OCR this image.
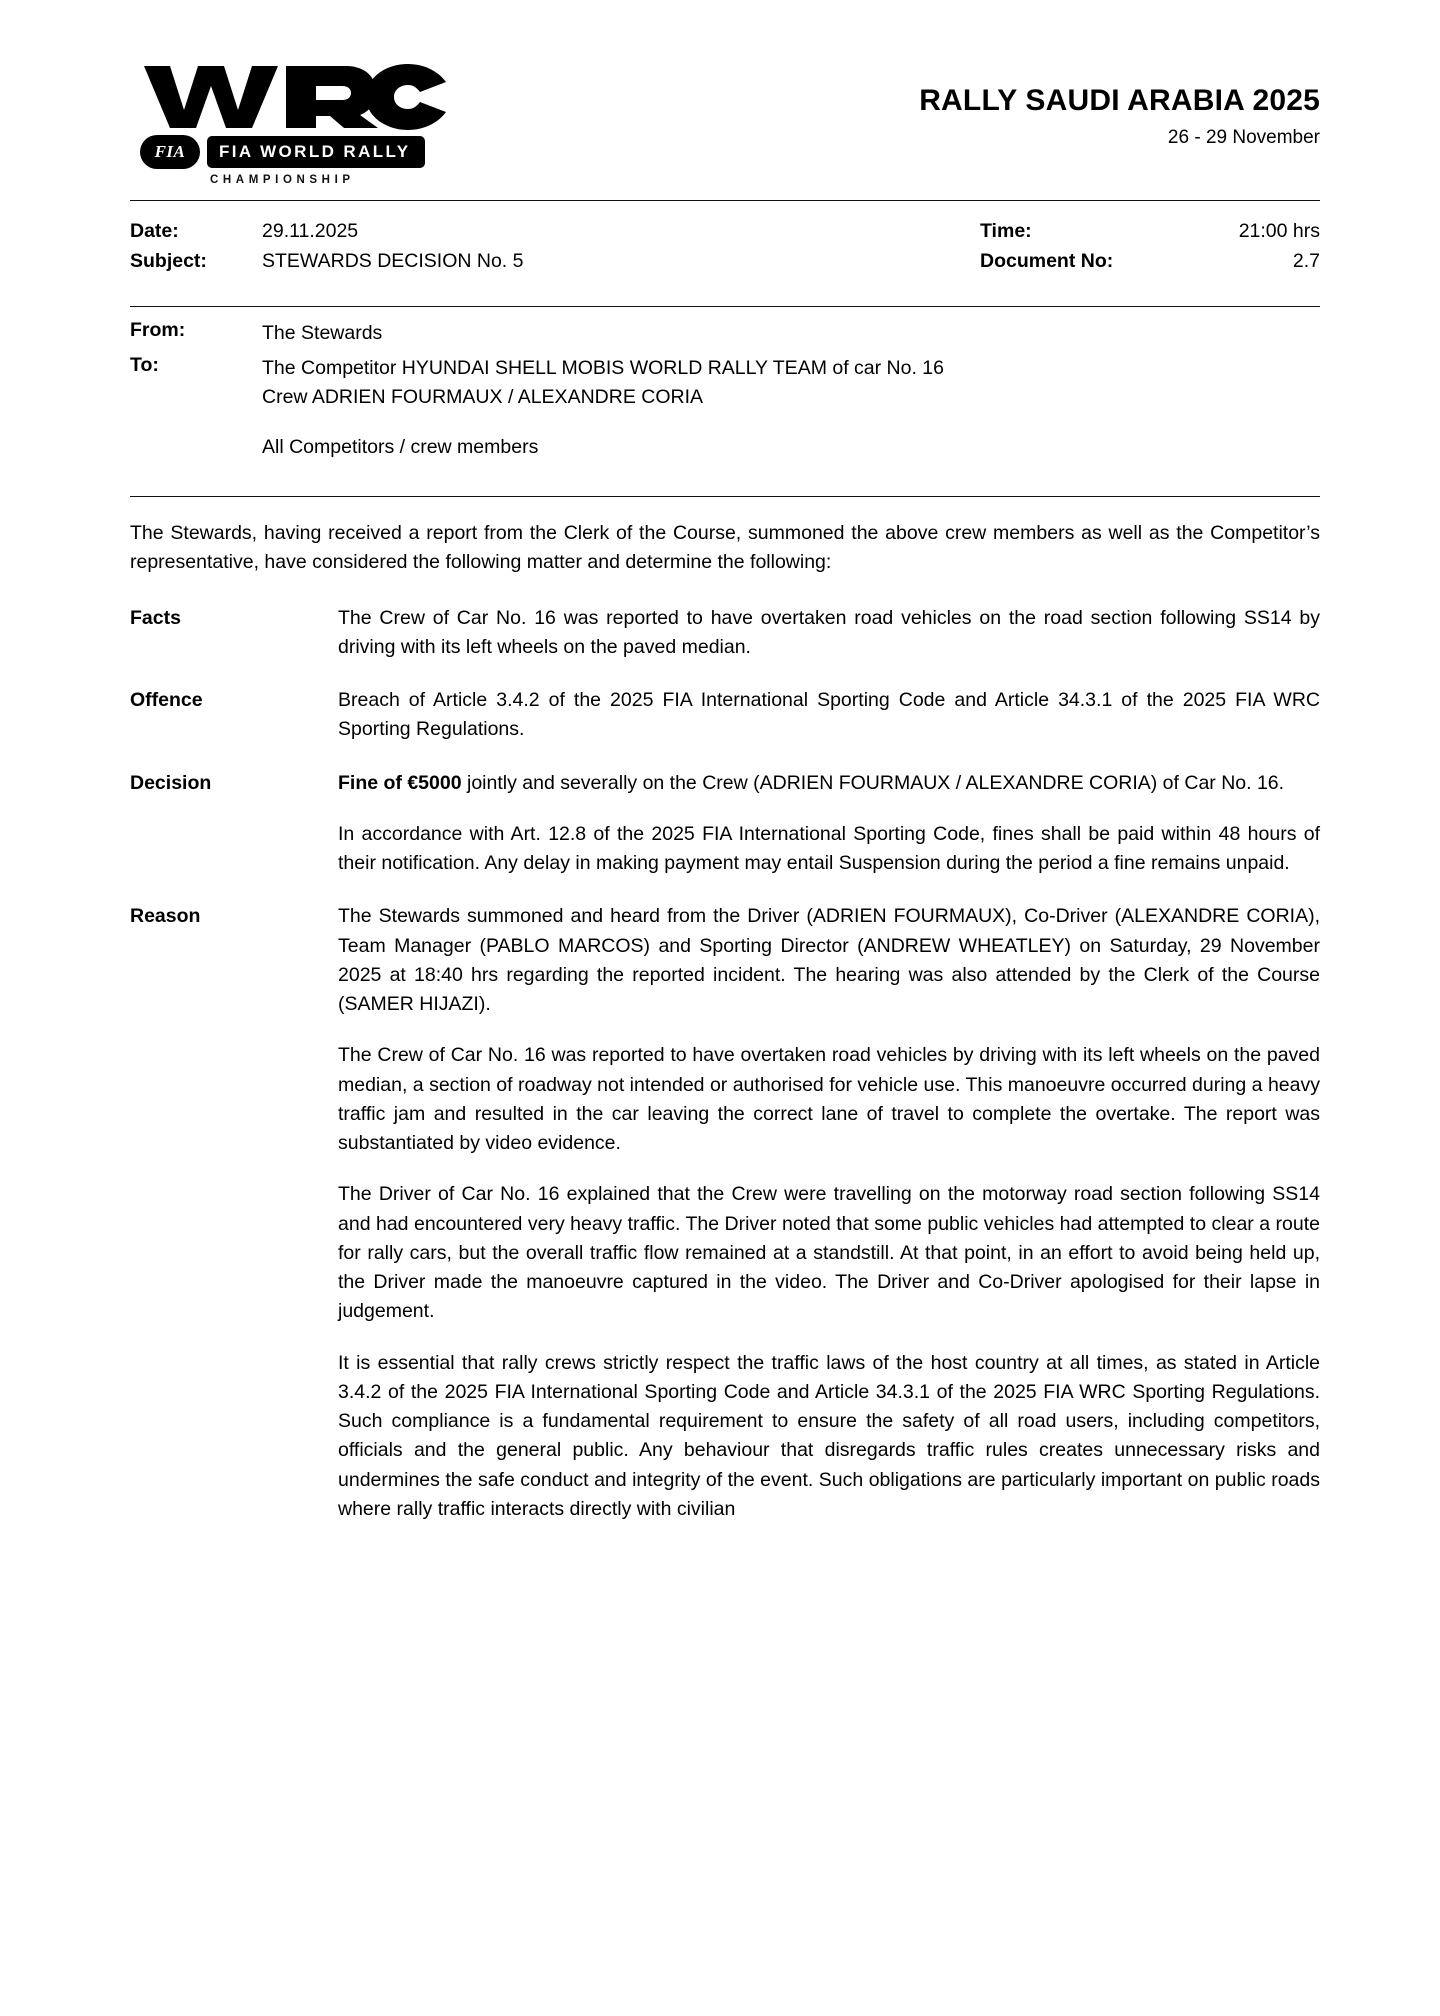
FIA	FIA WORLD RALLY
CHAMPIONSHIP
RALLY SAUDI ARABIA 2025
26 - 29 November
Date:	29.11.2025	Time:	21:00 hrs
Subject:	STEWARDS DECISION No. 5	Document No:	2.7
From:	The Stewards
To:	The Competitor HYUNDAI SHELL MOBIS WORLD RALLY TEAM of car No. 16
Crew ADRIEN FOURMAUX / ALEXANDRE CORIA
All Competitors / crew members
The Stewards, having received a report from the Clerk of the Course, summoned the above crew members as well as the Competitor’s representative, have considered the following matter and determine the following:
Facts	The Crew of Car No. 16 was reported to have overtaken road vehicles on the road section following SS14 by driving with its left wheels on the paved median.

Offence	Breach of Article 3.4.2 of the 2025 FIA International Sporting Code and Article 34.3.1 of the 2025 FIA WRC Sporting Regulations.

Decision	Fine of €5000 jointly and severally on the Crew (ADRIEN FOURMAUX / ALEXANDRE CORIA) of Car No. 16.

In accordance with Art. 12.8 of the 2025 FIA International Sporting Code, fines shall be paid within 48 hours of their notification. Any delay in making payment may entail Suspension during the period a fine remains unpaid.

Reason	The Stewards summoned and heard from the Driver (ADRIEN FOURMAUX), Co-Driver (ALEXANDRE CORIA), Team Manager (PABLO MARCOS) and Sporting Director (ANDREW WHEATLEY) on Saturday, 29 November 2025 at 18:40 hrs regarding the reported incident. The hearing was also attended by the Clerk of the Course (SAMER HIJAZI).

The Crew of Car No. 16 was reported to have overtaken road vehicles by driving with its left wheels on the paved median, a section of roadway not intended or authorised for vehicle use. This manoeuvre occurred during a heavy traffic jam and resulted in the car leaving the correct lane of travel to complete the overtake. The report was substantiated by video evidence.

The Driver of Car No. 16 explained that the Crew were travelling on the motorway road section following SS14 and had encountered very heavy traffic. The Driver noted that some public vehicles had attempted to clear a route for rally cars, but the overall traffic flow remained at a standstill. At that point, in an effort to avoid being held up, the Driver made the manoeuvre captured in the video. The Driver and Co-Driver apologised for their lapse in judgement.

It is essential that rally crews strictly respect the traffic laws of the host country at all times, as stated in Article 3.4.2 of the 2025 FIA International Sporting Code and Article 34.3.1 of the 2025 FIA WRC Sporting Regulations. Such compliance is a fundamental requirement to ensure the safety of all road users, including competitors, officials and the general public. Any behaviour that disregards traffic rules creates unnecessary risks and undermines the safe conduct and integrity of the event. Such obligations are particularly important on public roads where rally traffic interacts directly with civilian
